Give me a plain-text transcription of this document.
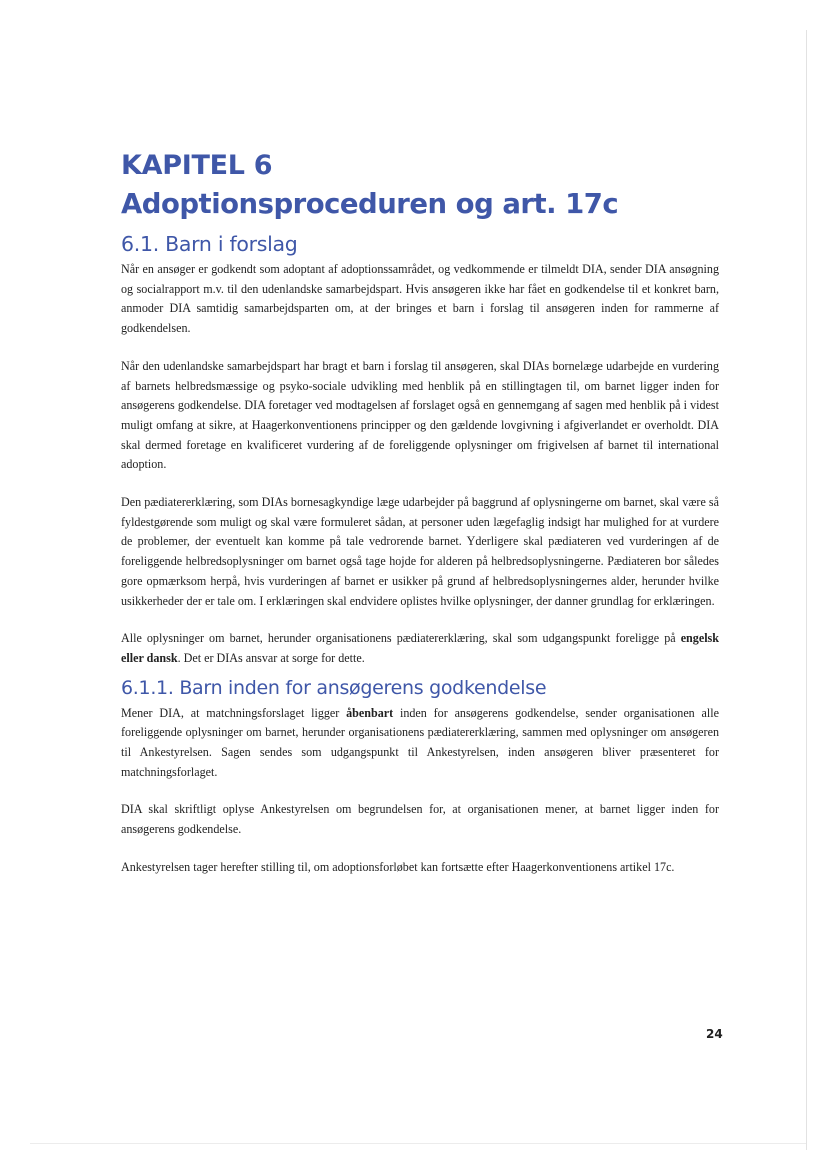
KAPITEL 6
Adoptionsproceduren og art. 17c
6.1. Barn i forslag

Når en ansøger er godkendt som adoptant af adoptionssamrådet, og vedkommende er tilmeldt DIA, sender DIA ansøgning og socialrapport m.v. til den udenlandske samarbejdspart. Hvis ansøgeren ikke har fået en godkendelse til et konkret barn, anmoder DIA samtidig samarbejdsparten om, at der bringes et barn i forslag til ansøgeren inden for rammerne af godkendelsen.

Når den udenlandske samarbejdspart har bragt et barn i forslag til ansøgeren, skal DIAs bornelæge udarbejde en vurdering af barnets helbredsmæssige og psyko-sociale udvikling med henblik på en stillingtagen til, om barnet ligger inden for ansøgerens godkendelse. DIA foretager ved modtagelsen af forslaget også en gennemgang af sagen med henblik på i videst muligt omfang at sikre, at Haagerkonventionens principper og den gældende lovgivning i afgiverlandet er overholdt. DIA skal dermed foretage en kvalificeret vurdering af de foreliggende oplysninger om frigivelsen af barnet til international adoption.

Den pædiatererklæring, som DIAs bornesagkyndige læge udarbejder på baggrund af oplysningerne om barnet, skal være så fyldestgørende som muligt og skal være formuleret sådan, at personer uden lægefaglig indsigt har mulighed for at vurdere de problemer, der eventuelt kan komme på tale vedrorende barnet. Yderligere skal pædiateren ved vurderingen af de foreliggende helbredsoplysninger om barnet også tage hojde for alderen på helbredsoplysningerne. Pædiateren bor således gore opmærksom herpå, hvis vurderingen af barnet er usikker på grund af helbredsoplysningernes alder, herunder hvilke usikkerheder der er tale om. I erklæringen skal endvidere oplistes hvilke oplysninger, der danner grundlag for erklæringen.

Alle oplysninger om barnet, herunder organisationens pædiatererklæring, skal som udgangspunkt foreligge på engelsk eller dansk. Det er DIAs ansvar at sorge for dette.

6.1.1. Barn inden for ansøgerens godkendelse

Mener DIA, at matchningsforslaget ligger åbenbart inden for ansøgerens godkendelse, sender organisationen alle foreliggende oplysninger om barnet, herunder organisationens pædiatererklæring, sammen med oplysninger om ansøgeren til Ankestyrelsen. Sagen sendes som udgangspunkt til Ankestyrelsen, inden ansøgeren bliver præsenteret for matchningsforlaget.

DIA skal skriftligt oplyse Ankestyrelsen om begrundelsen for, at organisationen mener, at barnet ligger inden for ansøgerens godkendelse.

Ankestyrelsen tager herefter stilling til, om adoptionsforløbet kan fortsætte efter Haagerkonventionens artikel 17c.

24
